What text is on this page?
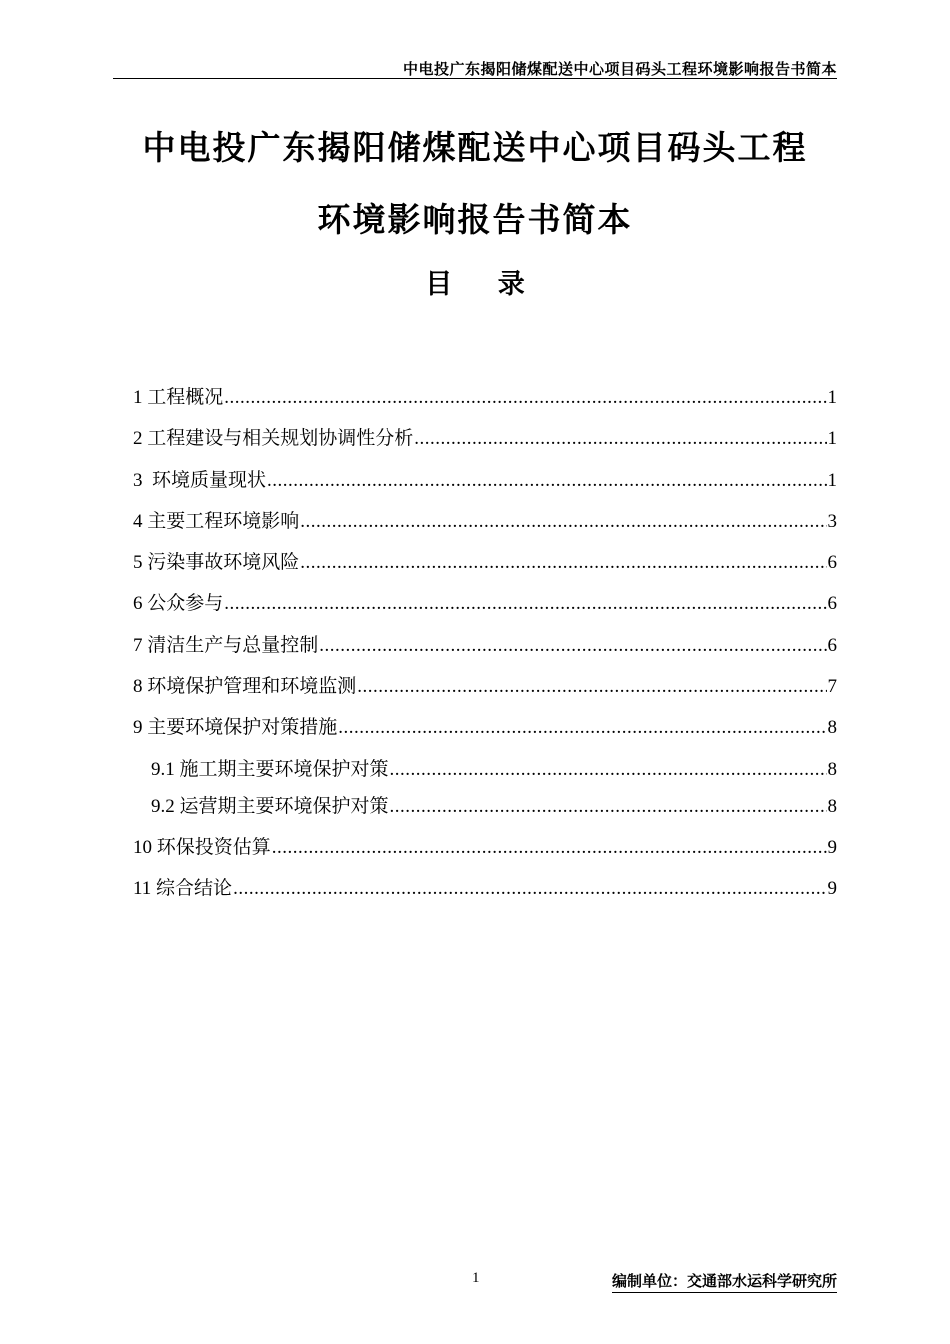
中电投广东揭阳储煤配送中心项目码头工程环境影响报告书简本
中电投广东揭阳储煤配送中心项目码头工程
环境影响报告书简本
目 录
1 工程概况 .....	1
2 工程建设与相关规划协调性分析 .....	1
3 环境质量现状 .....	1
4 主要工程环境影响 .....	3
5 污染事故环境风险 .....	6
6 公众参与 .....	6
7 清洁生产与总量控制 .....	6
8 环境保护管理和环境监测 .....	7
9 主要环境保护对策措施 .....	8
9.1 施工期主要环境保护对策 .....	8
9.2 运营期主要环境保护对策 .....	8
10 环保投资估算 .....	9
11 综合结论 .....	9
1	编制单位：交通部水运科学研究所
